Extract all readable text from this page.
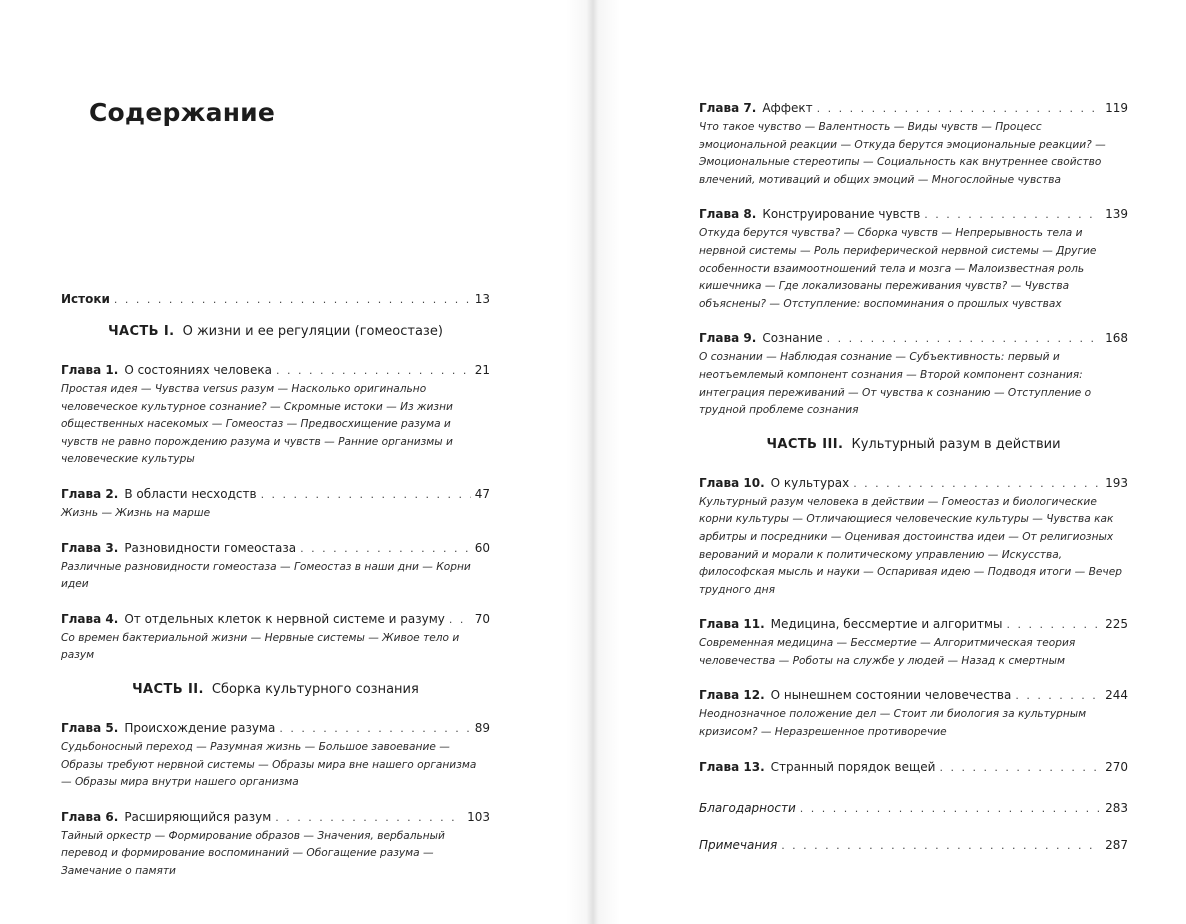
Содержание
Истоки . . .	13
ЧАСТЬ I. О жизни и ее регуляции (гомеостазе)
Глава 1. О состояниях человека . . .	21

Простая идея — Чувства versus разум — Насколько оригинально человеческое культурное сознание? — Скромные истоки — Из жизни общественных насекомых — Гомеостаз — Предвосхищение разума и чувств не равно порождению разума и чувств — Ранние организмы и человеческие культуры

Глава 2. В области несходств . . .	47

Жизнь — Жизнь на марше

Глава 3. Разновидности гомеостаза . . .	60

Различные разновидности гомеостаза — Гомеостаз в наши дни — Корни идеи

Глава 4. От отдельных клеток к нервной системе и разуму . . . 70

Со времен бактериальной жизни — Нервные системы — Живое тело и разум

ЧАСТЬ II. Сборка культурного сознания
Глава 5. Происхождение разума . . .	89

Судьбоносный переход — Разумная жизнь — Большое завоевание — Образы требуют нервной системы — Образы мира вне нашего организма — Образы мира внутри нашего организма

Глава 6. Расширяющийся разум . . .	103

Тайный оркестр — Формирование образов — Значения, вербальный перевод и формирование воспоминаний — Обогащение разума — Замечание о памяти

Глава 7. Аффект . . .	119

Что такое чувство — Валентность — Виды чувств — Процесс эмоциональной реакции — Откуда берутся эмоциональные реакции? — Эмоциональные стереотипы — Социальность как внутреннее свойство влечений, мотиваций и общих эмоций — Многослойные чувства

Глава 8. Конструирование чувств . . .	139

Откуда берутся чувства? — Сборка чувств — Непрерывность тела и нервной системы — Роль периферической нервной системы — Другие особенности взаимоотношений тела и мозга — Малоизвестная роль кишечника — Где локализованы переживания чувств? — Чувства объяснены? — Отступление: воспоминания о прошлых чувствах

Глава 9. Сознание . . .	168

О сознании — Наблюдая сознание — Субъективность: первый и неотъемлемый компонент сознания — Второй компонент сознания: интеграция переживаний — От чувства к сознанию — Отступление о трудной проблеме сознания

ЧАСТЬ III. Культурный разум в действии
Глава 10. О культурах . . .	193

Культурный разум человека в действии — Гомеостаз и биологические корни культуры — Отличающиеся человеческие культуры — Чувства как арбитры и посредники — Оценивая достоинства идеи — От религиозных верований и морали к политическому управлению — Искусства, философская мысль и науки — Оспаривая идею — Подводя итоги — Вечер трудного дня

Глава 11. Медицина, бессмертие и алгоритмы . . .	225

Современная медицина — Бессмертие — Алгоритмическая теория человечества — Роботы на службе у людей — Назад к смертным

Глава 12. О нынешнем состоянии человечества . . .	244

Неоднозначное положение дел — Стоит ли биология за культурным кризисом? — Неразрешенное противоречие

Глава 13. Странный порядок вещей . . .	270
Благодарности . . .	283
Примечания . . .	287
